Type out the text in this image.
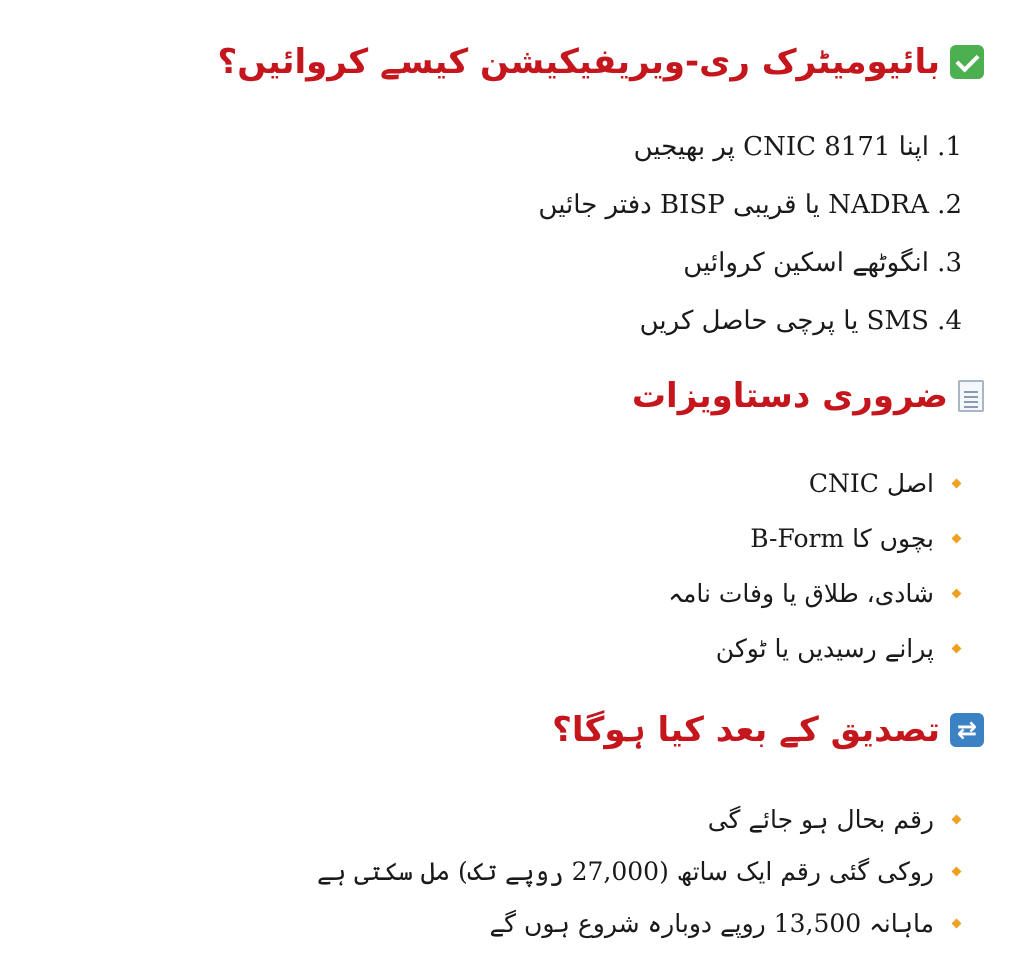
بائیومیٹرک ری-ویریفیکیشن کیسے کروائیں؟
1. اپنا CNIC 8171 پر بھیجیں
2. NADRA یا قریبی BISP دفتر جائیں
3. انگوٹھے اسکین کروائیں
4. SMS یا پرچی حاصل کریں
ضروری دستاویزات
اصل CNIC
بچوں کا B-Form
شادی، طلاق یا وفات نامہ
پرانے رسیدیں یا ٹوکن
⇄
تصدیق کے بعد کیا ہوگا؟
رقم بحال ہو جائے گی
روکی گئی رقم ایک ساتھ (27,000 روپے تک) مل سکتی ہے
ماہانہ 13,500 روپے دوبارہ شروع ہوں گے
